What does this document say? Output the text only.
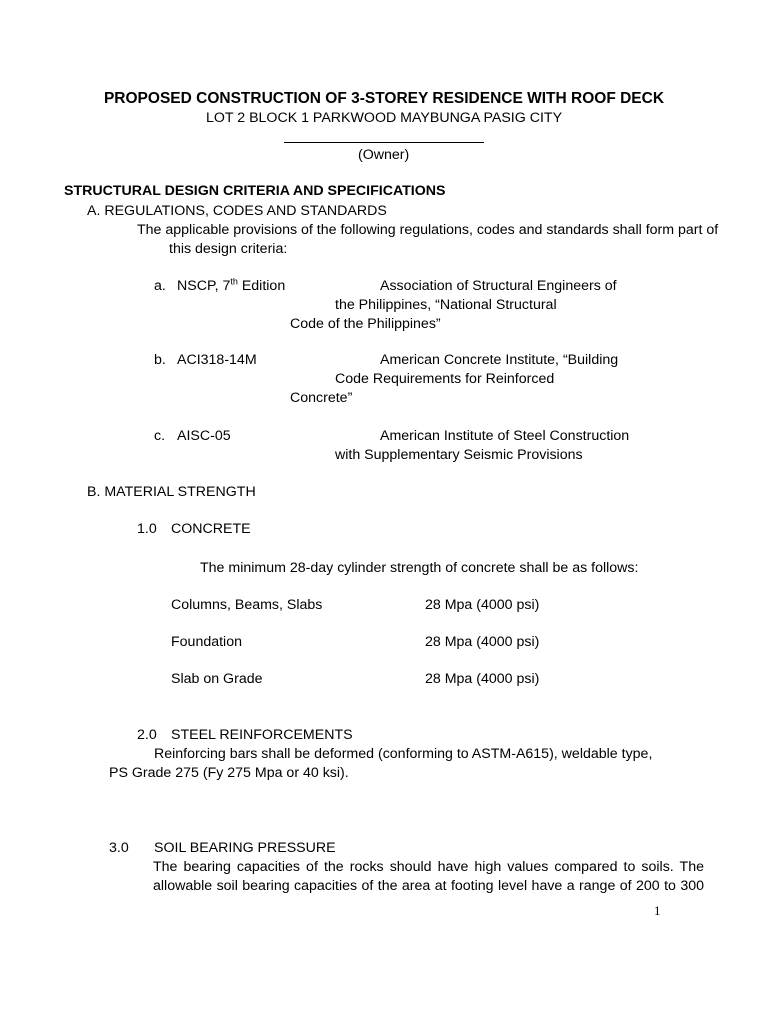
PROPOSED CONSTRUCTION OF 3-STOREY RESIDENCE WITH ROOF DECK
LOT 2 BLOCK 1 PARKWOOD MAYBUNGA PASIG CITY
(Owner)
STRUCTURAL DESIGN CRITERIA AND SPECIFICATIONS
A. REGULATIONS, CODES AND STANDARDS
The applicable provisions of the following regulations, codes and standards shall form part of
this design criteria:
a. NSCP, 7th Edition	Association of Structural Engineers of
the Philippines, “National Structural
Code of the Philippines”
b. ACI318-14M	American Concrete Institute, “Building
Code Requirements for Reinforced
Concrete”
c. AISC-05	American Institute of Steel Construction
with Supplementary Seismic Provisions
B. MATERIAL STRENGTH
1.0 CONCRETE
The minimum 28-day cylinder strength of concrete shall be as follows:
Columns, Beams, Slabs	28 Mpa (4000 psi)
Foundation	28 Mpa (4000 psi)
Slab on Grade	28 Mpa (4000 psi)
2.0 STEEL REINFORCEMENTS
Reinforcing bars shall be deformed (conforming to ASTM-A615), weldable type,
PS Grade 275 (Fy 275 Mpa or 40 ksi).
3.0 SOIL BEARING PRESSURE
The bearing capacities of the rocks should have high values compared to soils. The
allowable soil bearing capacities of the area at footing level have a range of 200 to 300
1
